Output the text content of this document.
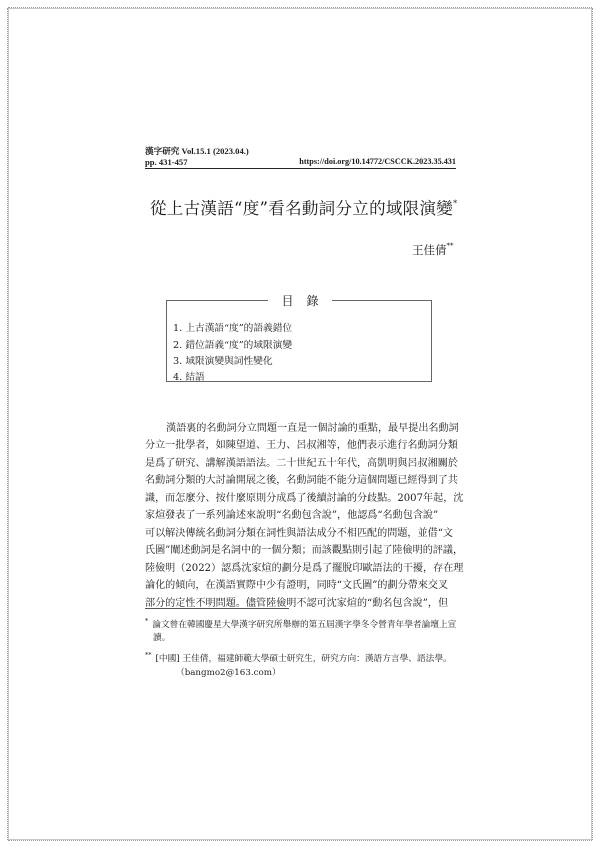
漢字研究 Vol.15.1 (2023.04.)
pp. 431-457	https://doi.org/10.14772/CSCCK.2023.35.431
從上古漢語“度”看名動詞分立的域限演變*
王佳倩**
目錄
1. 上古漢語“度”的語義錯位
2. 錯位語義“度”的域限演變
3. 域限演變與詞性變化
4. 結語
漢語裏的名動詞分立問題一直是一個討論的重點，最早提出名動詞
分立一批學者，如陳望道、王力、呂叔湘等，他們表示進行名動詞分類
是爲了研究、講解漢語語法。二十世紀五十年代，高凱明與呂叔湘關於
名動詞分類的大討論開展之後，名動詞能不能分這個問題已經得到了共
識，而怎麼分、按什麼原則分成爲了後續討論的分歧點。2007年起，沈
家煊發表了一系列論述來說明“名動包含說”，他認爲“名動包含說”
可以解決傳統名動詞分類在詞性與語法成分不相匹配的問題，並借“文
氏圖”闡述動詞是名詞中的一個分類；而該觀點則引起了陸儉明的評議，
陸儉明（2022）認爲沈家煊的劃分是爲了擺脫印歐語法的干擾，存在理
論化的傾向，在漢語實際中少有證明，同時“文氏圖”的劃分帶來交叉
部分的定性不明問題。儘管陸儉明不認可沈家煊的“動名包含說”，但
* 論文曾在韓國慶星大學漢字研究所舉辦的第五屆漢字學冬令營青年學者論壇上宣
讀。
** [中國] 王佳倩，福建師範大學碩士研究生，研究方向：漢語方言學、語法學。
（bangmo2@163.com）
